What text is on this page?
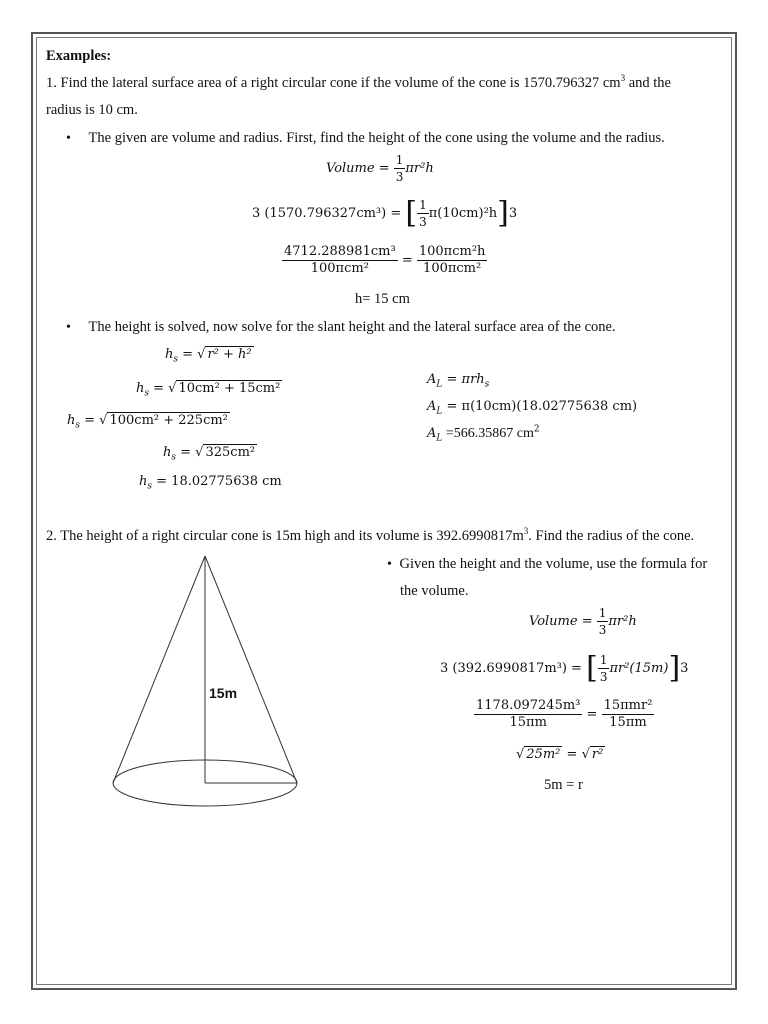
Examples:
1. Find the lateral surface area of a right circular cone if the volume of the cone is 1570.796327 $cm^3$ and the
radius is 10 cm.
• The given are volume and radius. First, find the height of the cone using the volume and the radius.
Volume = $\frac{1}{3} \pi r^2h$
3 (1570.796327cm³) = [ $\frac{1}{3} \pi(10cm)^2h]3$
$\frac{\text{4712.288981cm³}}{\text{100πcm²}} = \frac{\text{100πcm²h}}{\text{100πcm²}}$
h= 15 cm
• The height is solved, now solve for the slant height and the lateral surface area of the cone.
$h_s$ = √ r² + h²
$h_s$ = √ 10cm² + 15cm²
$h_s$ = √ 100cm² + 225cm²
$h_s$ = √ 325cm²
$h_s = 18.02775638$ cm
$A_L = \pi rh_s$
$A_L = \pi(10cm)(18.02775638$ cm)
$A_L =566.35867$ $cm^2$
2. The height of a right circular cone is 15m high and its volume is $392.6990817m^3$. Find the radius of the cone.
15m
• Given the height and the volume, use the formula for
the volume.
Volume = $\frac{1}{3} \pi r^2h$
3 (392.6990817m³) = [ $\frac{1}{3} \pi r^2(15m)]3$
$\frac{\text{1178.097245m³}}{15\pi m} = \frac{\text{15πmr²}}{15\pi m}$
√ 25m² = √ r²
5m = r
